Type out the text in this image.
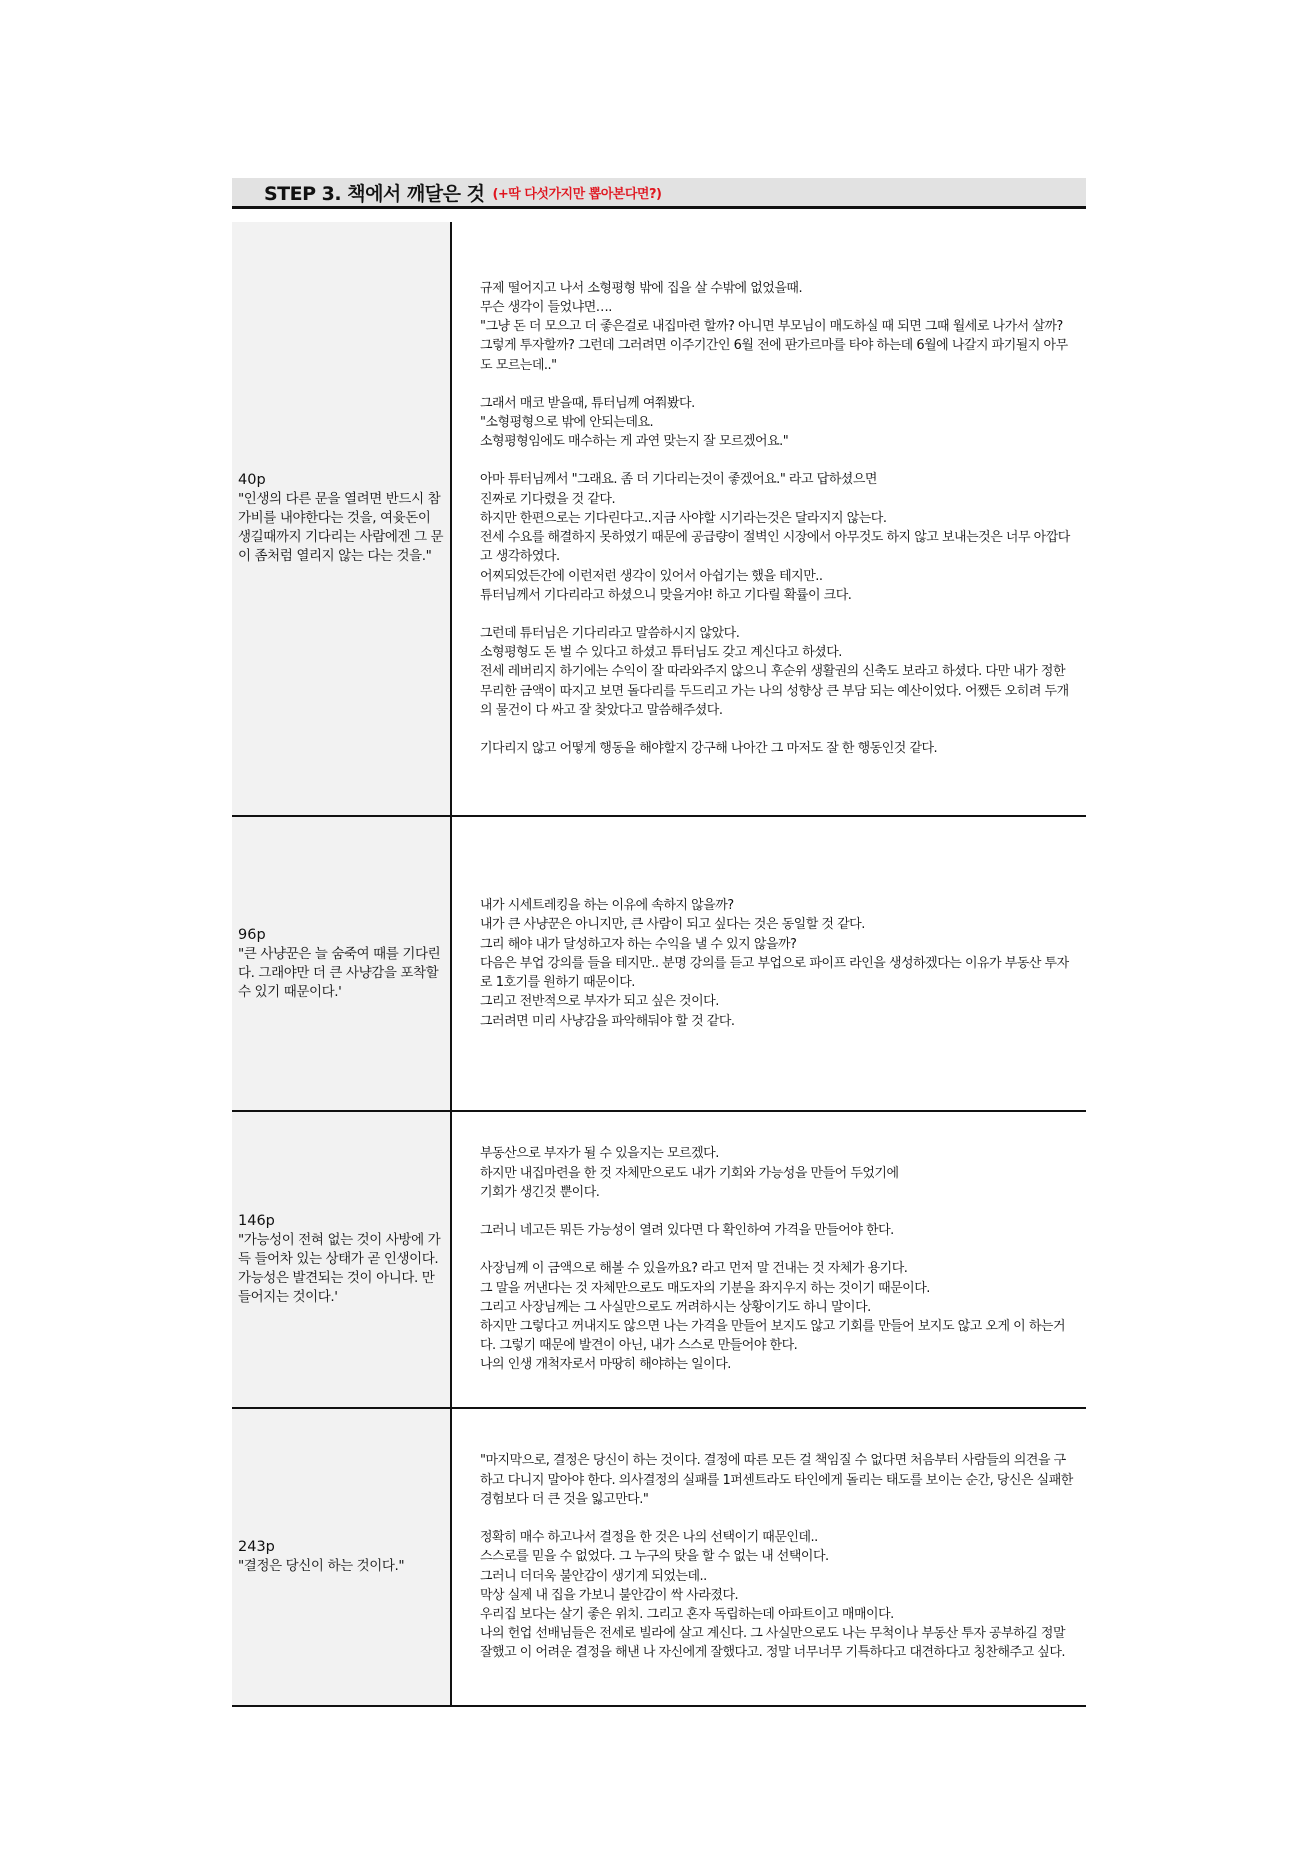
STEP 3. 책에서 깨달은 것 (+딱 다섯가지만 뽑아본다면?)
40p
"인생의 다른 문을 열려면 반드시 참가비를 내야한다는 것을, 여윳돈이 생길때까지 기다리는 사람에겐 그 문이 좀처럼 열리지 않는 다는 것을."

규제 떨어지고 나서 소형평형 밖에 집을 살 수밖에 없었을때.
무슨 생각이 들었냐면….
"그냥 돈 더 모으고 더 좋은걸로 내집마련 할까? 아니면 부모님이 매도하실 때 되면 그때 월세로 나가서 살까? 그렇게 투자할까? 그런데 그러려면 이주기간인 6월 전에 판가르마를 타야 하는데 6월에 나갈지 파기될지 아무도 모르는데.."

그래서 매코 받을때, 튜터님께 여쭤봤다.
"소형평형으로 밖에 안되는데요.
소형평형임에도 매수하는 게 과연 맞는지 잘 모르겠어요."

아마 튜터님께서 "그래요. 좀 더 기다리는것이 좋겠어요." 라고 답하셨으면
진짜로 기다렸을 것 같다.
하지만 한편으로는 기다린다고..지금 사야할 시기라는것은 달라지지 않는다.
전세 수요를 해결하지 못하였기 때문에 공급량이 절벽인 시장에서 아무것도 하지 않고 보내는것은 너무 아깝다고 생각하였다.
어찌되었든간에 이런저런 생각이 있어서 아쉽기는 했을 테지만..
튜터님께서 기다리라고 하셨으니 맞을거야! 하고 기다릴 확률이 크다.

그런데 튜터님은 기다리라고 말씀하시지 않았다.
소형평형도 돈 벌 수 있다고 하셨고 튜터님도 갖고 계신다고 하셨다.
전세 레버리지 하기에는 수익이 잘 따라와주지 않으니 후순위 생활권의 신축도 보라고 하셨다. 다만 내가 정한 무리한 금액이 따지고 보면 돌다리를 두드리고 가는 나의 성향상 큰 부담 되는 예산이었다. 어쨌든 오히려 두개의 물건이 다 싸고 잘 찾았다고 말씀해주셨다.

기다리지 않고 어떻게 행동을 해야할지 강구해 나아간 그 마저도 잘 한 행동인것 같다.

96p
"큰 사냥꾼은 늘 숨죽여 때를 기다린다. 그래야만 더 큰 사냥감을 포착할 수 있기 때문이다.'

내가 시세트레킹을 하는 이유에 속하지 않을까?
내가 큰 사냥꾼은 아니지만, 큰 사람이 되고 싶다는 것은 동일할 것 같다.
그리 해야 내가 달성하고자 하는 수익을 낼 수 있지 않을까?
다음은 부업 강의를 들을 테지만.. 분명 강의를 듣고 부업으로 파이프 라인을 생성하겠다는 이유가 부동산 투자로 1호기를 원하기 때문이다.
그리고 전반적으로 부자가 되고 싶은 것이다.
그러려면 미리 사냥감을 파악해둬야 할 것 같다.

146p
"가능성이 전혀 없는 것이 사방에 가득 들어차 있는 상태가 곧 인생이다. 가능성은 발견되는 것이 아니다. 만들어지는 것이다.'

부동산으로 부자가 될 수 있을지는 모르겠다.
하지만 내집마련을 한 것 자체만으로도 내가 기회와 가능성을 만들어 두었기에
기회가 생긴것 뿐이다.

그러니 네고든 뭐든 가능성이 열려 있다면 다 확인하여 가격을 만들어야 한다.

사장님께 이 금액으로 해볼 수 있을까요? 라고 먼저 말 건내는 것 자체가 용기다.
그 말을 꺼낸다는 것 자체만으로도 매도자의 기분을 좌지우지 하는 것이기 때문이다.
그리고 사장님께는 그 사실만으로도 꺼려하시는 상황이기도 하니 말이다.
하지만 그렇다고 꺼내지도 않으면 나는 가격을 만들어 보지도 않고 기회를 만들어 보지도 않고 오게 이 하는거다. 그렇기 때문에 발견이 아닌, 내가 스스로 만들어야 한다.
나의 인생 개척자로서 마땅히 해야하는 일이다.

243p
"결정은 당신이 하는 것이다."

"마지막으로, 결정은 당신이 하는 것이다. 결정에 따른 모든 걸 책임질 수 없다면 처음부터 사람들의 의견을 구하고 다니지 말아야 한다. 의사결정의 실패를 1퍼센트라도 타인에게 돌리는 태도를 보이는 순간, 당신은 실패한 경험보다 더 큰 것을 잃고만다."

정확히 매수 하고나서 결정을 한 것은 나의 선택이기 때문인데..
스스로를 믿을 수 없었다. 그 누구의 탓을 할 수 없는 내 선택이다.
그러니 더더욱 불안감이 생기게 되었는데..
막상 실제 내 집을 가보니 불안감이 싹 사라졌다.
우리집 보다는 살기 좋은 위치. 그리고 혼자 독립하는데 아파트이고 매매이다.
나의 헌업 선배님들은 전세로 빌라에 살고 계신다. 그 사실만으로도 나는 무척이나 부동산 투자 공부하길 정말 잘했고 이 어려운 결정을 해낸 나 자신에게 잘했다고. 정말 너무너무 기특하다고 대견하다고 칭찬해주고 싶다.
